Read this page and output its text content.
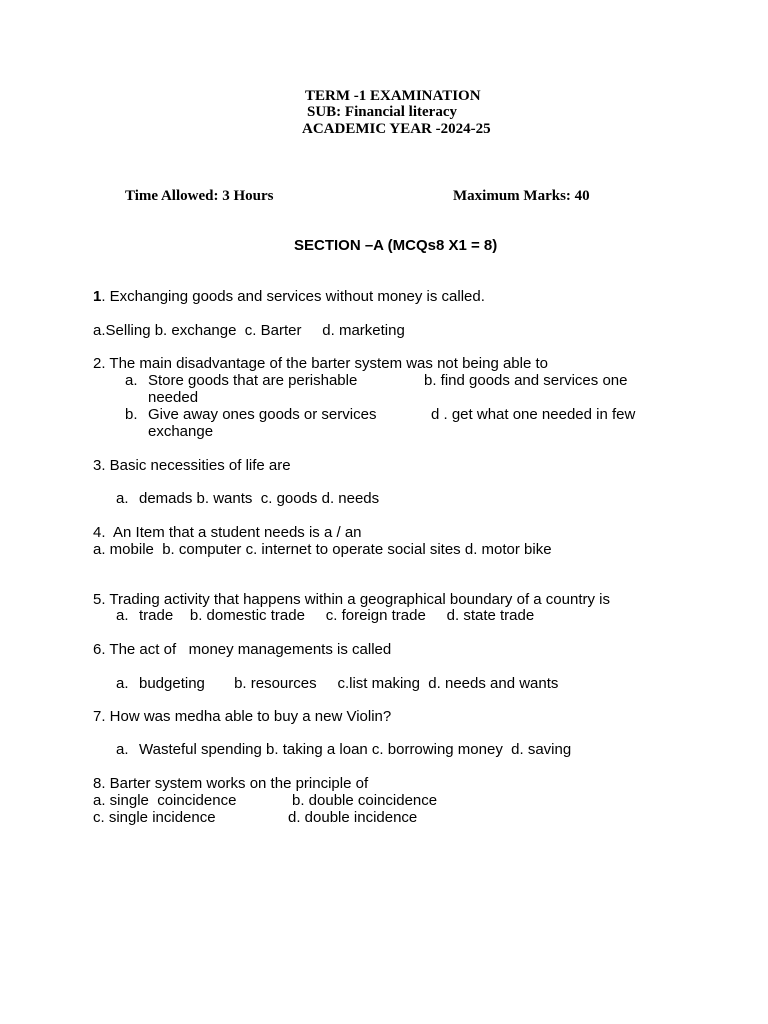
TERM -1 EXAMINATION
SUB: Financial literacy
ACADEMIC YEAR -2024-25
Time Allowed: 3 Hours	Maximum Marks: 40
SECTION –A (MCQs8 X1 = 8)
1. Exchanging goods and services without money is called.
a.Selling b. exchange  c. Barter     d. marketing
2. The main disadvantage of the barter system was not being able to
a. Store goods that are perishable	b. find goods and services one
needed
b. Give away ones goods or services	d . get what one needed in few
exchange
3. Basic necessities of life are
a. demads b. wants  c. goods d. needs
4.  An Item that a student needs is a / an
a. mobile  b. computer c. internet to operate social sites d. motor bike
5. Trading activity that happens within a geographical boundary of a country is
a. trade    b. domestic trade     c. foreign trade     d. state trade
6. The act of   money managements is called
a. budgeting       b. resources     c.list making  d. needs and wants
7. How was medha able to buy a new Violin?
a. Wasteful spending b. taking a loan c. borrowing money  d. saving
8. Barter system works on the principle of
a. single  coincidence	b. double coincidence
c. single incidence	d. double incidence
